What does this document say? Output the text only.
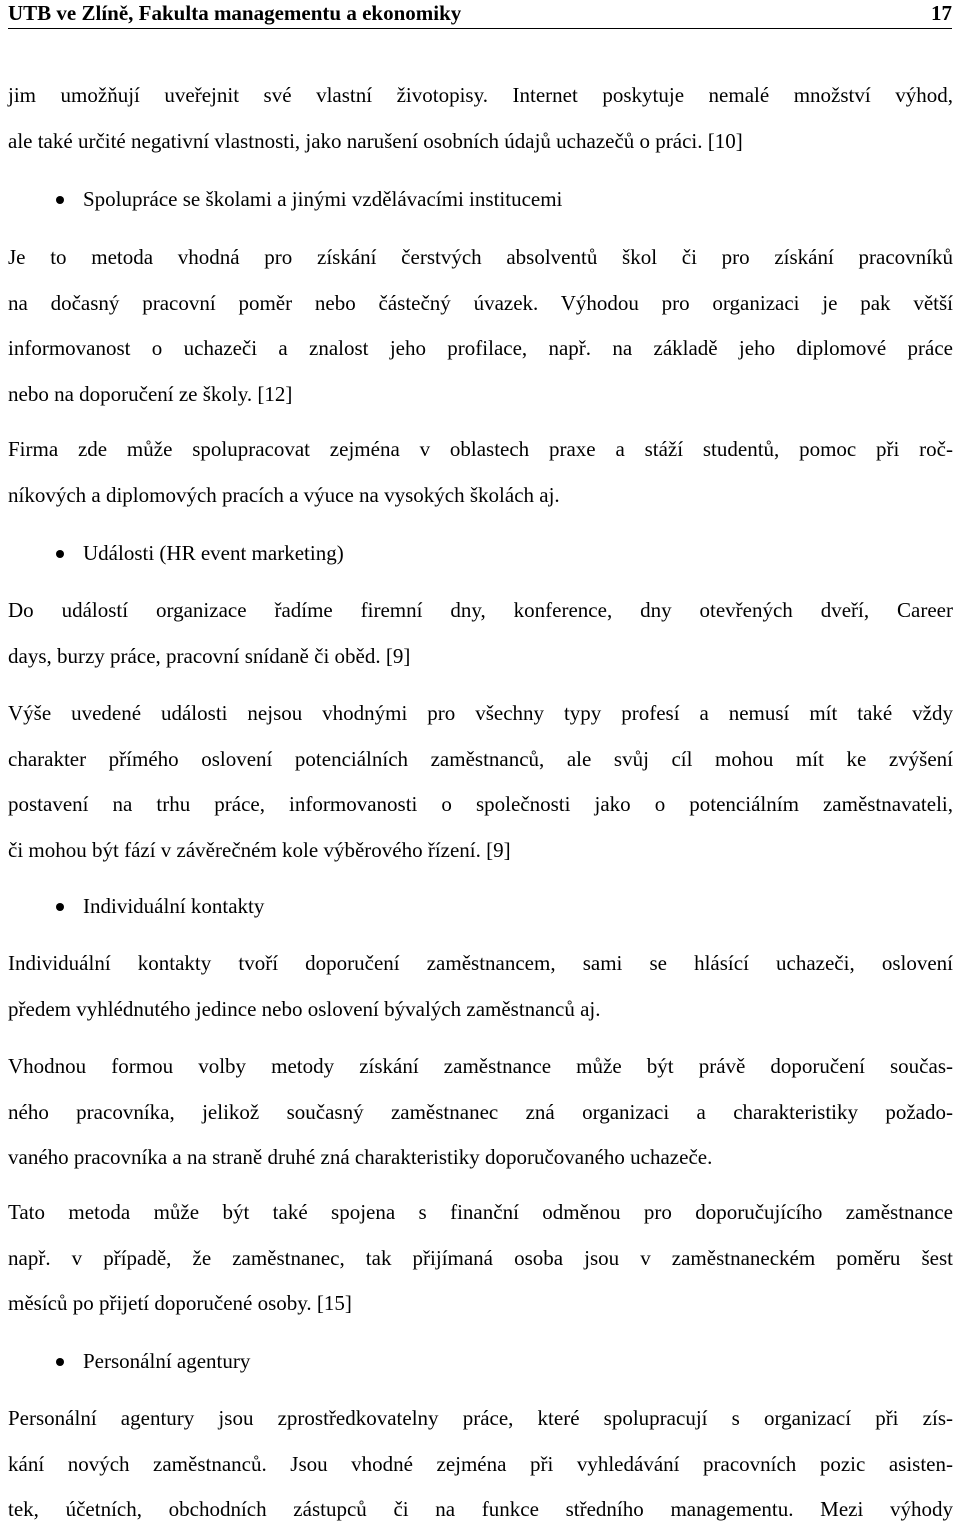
UTB ve Zlíně, Fakulta managementu a ekonomiky	17
jim umožňují uveřejnit své vlastní životopisy. Internet poskytuje nemalé množství výhod,
ale také určité negativní vlastnosti, jako narušení osobních údajů uchazečů o práci. [10]
Spolupráce se školami a jinými vzdělávacími institucemi
Je to metoda vhodná pro získání čerstvých absolventů škol či pro získání pracovníků
na dočasný pracovní poměr nebo částečný úvazek. Výhodou pro organizaci je pak větší
informovanost o uchazeči a znalost jeho profilace, např. na základě jeho diplomové práce
nebo na doporučení ze školy. [12]
Firma zde může spolupracovat zejména v oblastech praxe a stáží studentů, pomoc při roč-
níkových a diplomových pracích a výuce na vysokých školách aj.
Události (HR event marketing)
Do událostí organizace řadíme firemní dny, konference, dny otevřených dveří, Career
days, burzy práce, pracovní snídaně či oběd. [9]
Výše uvedené události nejsou vhodnými pro všechny typy profesí a nemusí mít také vždy
charakter přímého oslovení potenciálních zaměstnanců, ale svůj cíl mohou mít ke zvýšení
postavení na trhu práce, informovanosti o společnosti jako o potenciálním zaměstnavateli,
či mohou být fází v závěrečném kole výběrového řízení. [9]
Individuální kontakty
Individuální kontakty tvoří doporučení zaměstnancem, sami se hlásící uchazeči, oslovení
předem vyhlédnutého jedince nebo oslovení bývalých zaměstnanců aj.
Vhodnou formou volby metody získání zaměstnance může být právě doporučení součas-
ného pracovníka, jelikož současný zaměstnanec zná organizaci a charakteristiky požado-
vaného pracovníka a na straně druhé zná charakteristiky doporučovaného uchazeče.
Tato metoda může být také spojena s finanční odměnou pro doporučujícího zaměstnance
např. v případě, že zaměstnanec, tak přijímaná osoba jsou v zaměstnaneckém poměru šest
měsíců po přijetí doporučené osoby. [15]
Personální agentury
Personální agentury jsou zprostředkovatelny práce, které spolupracují s organizací při zís-
kání nových zaměstnanců. Jsou vhodné zejména při vyhledávání pracovních pozic asisten-
tek, účetních, obchodních zástupců či na funkce středního managementu. Mezi výhody
